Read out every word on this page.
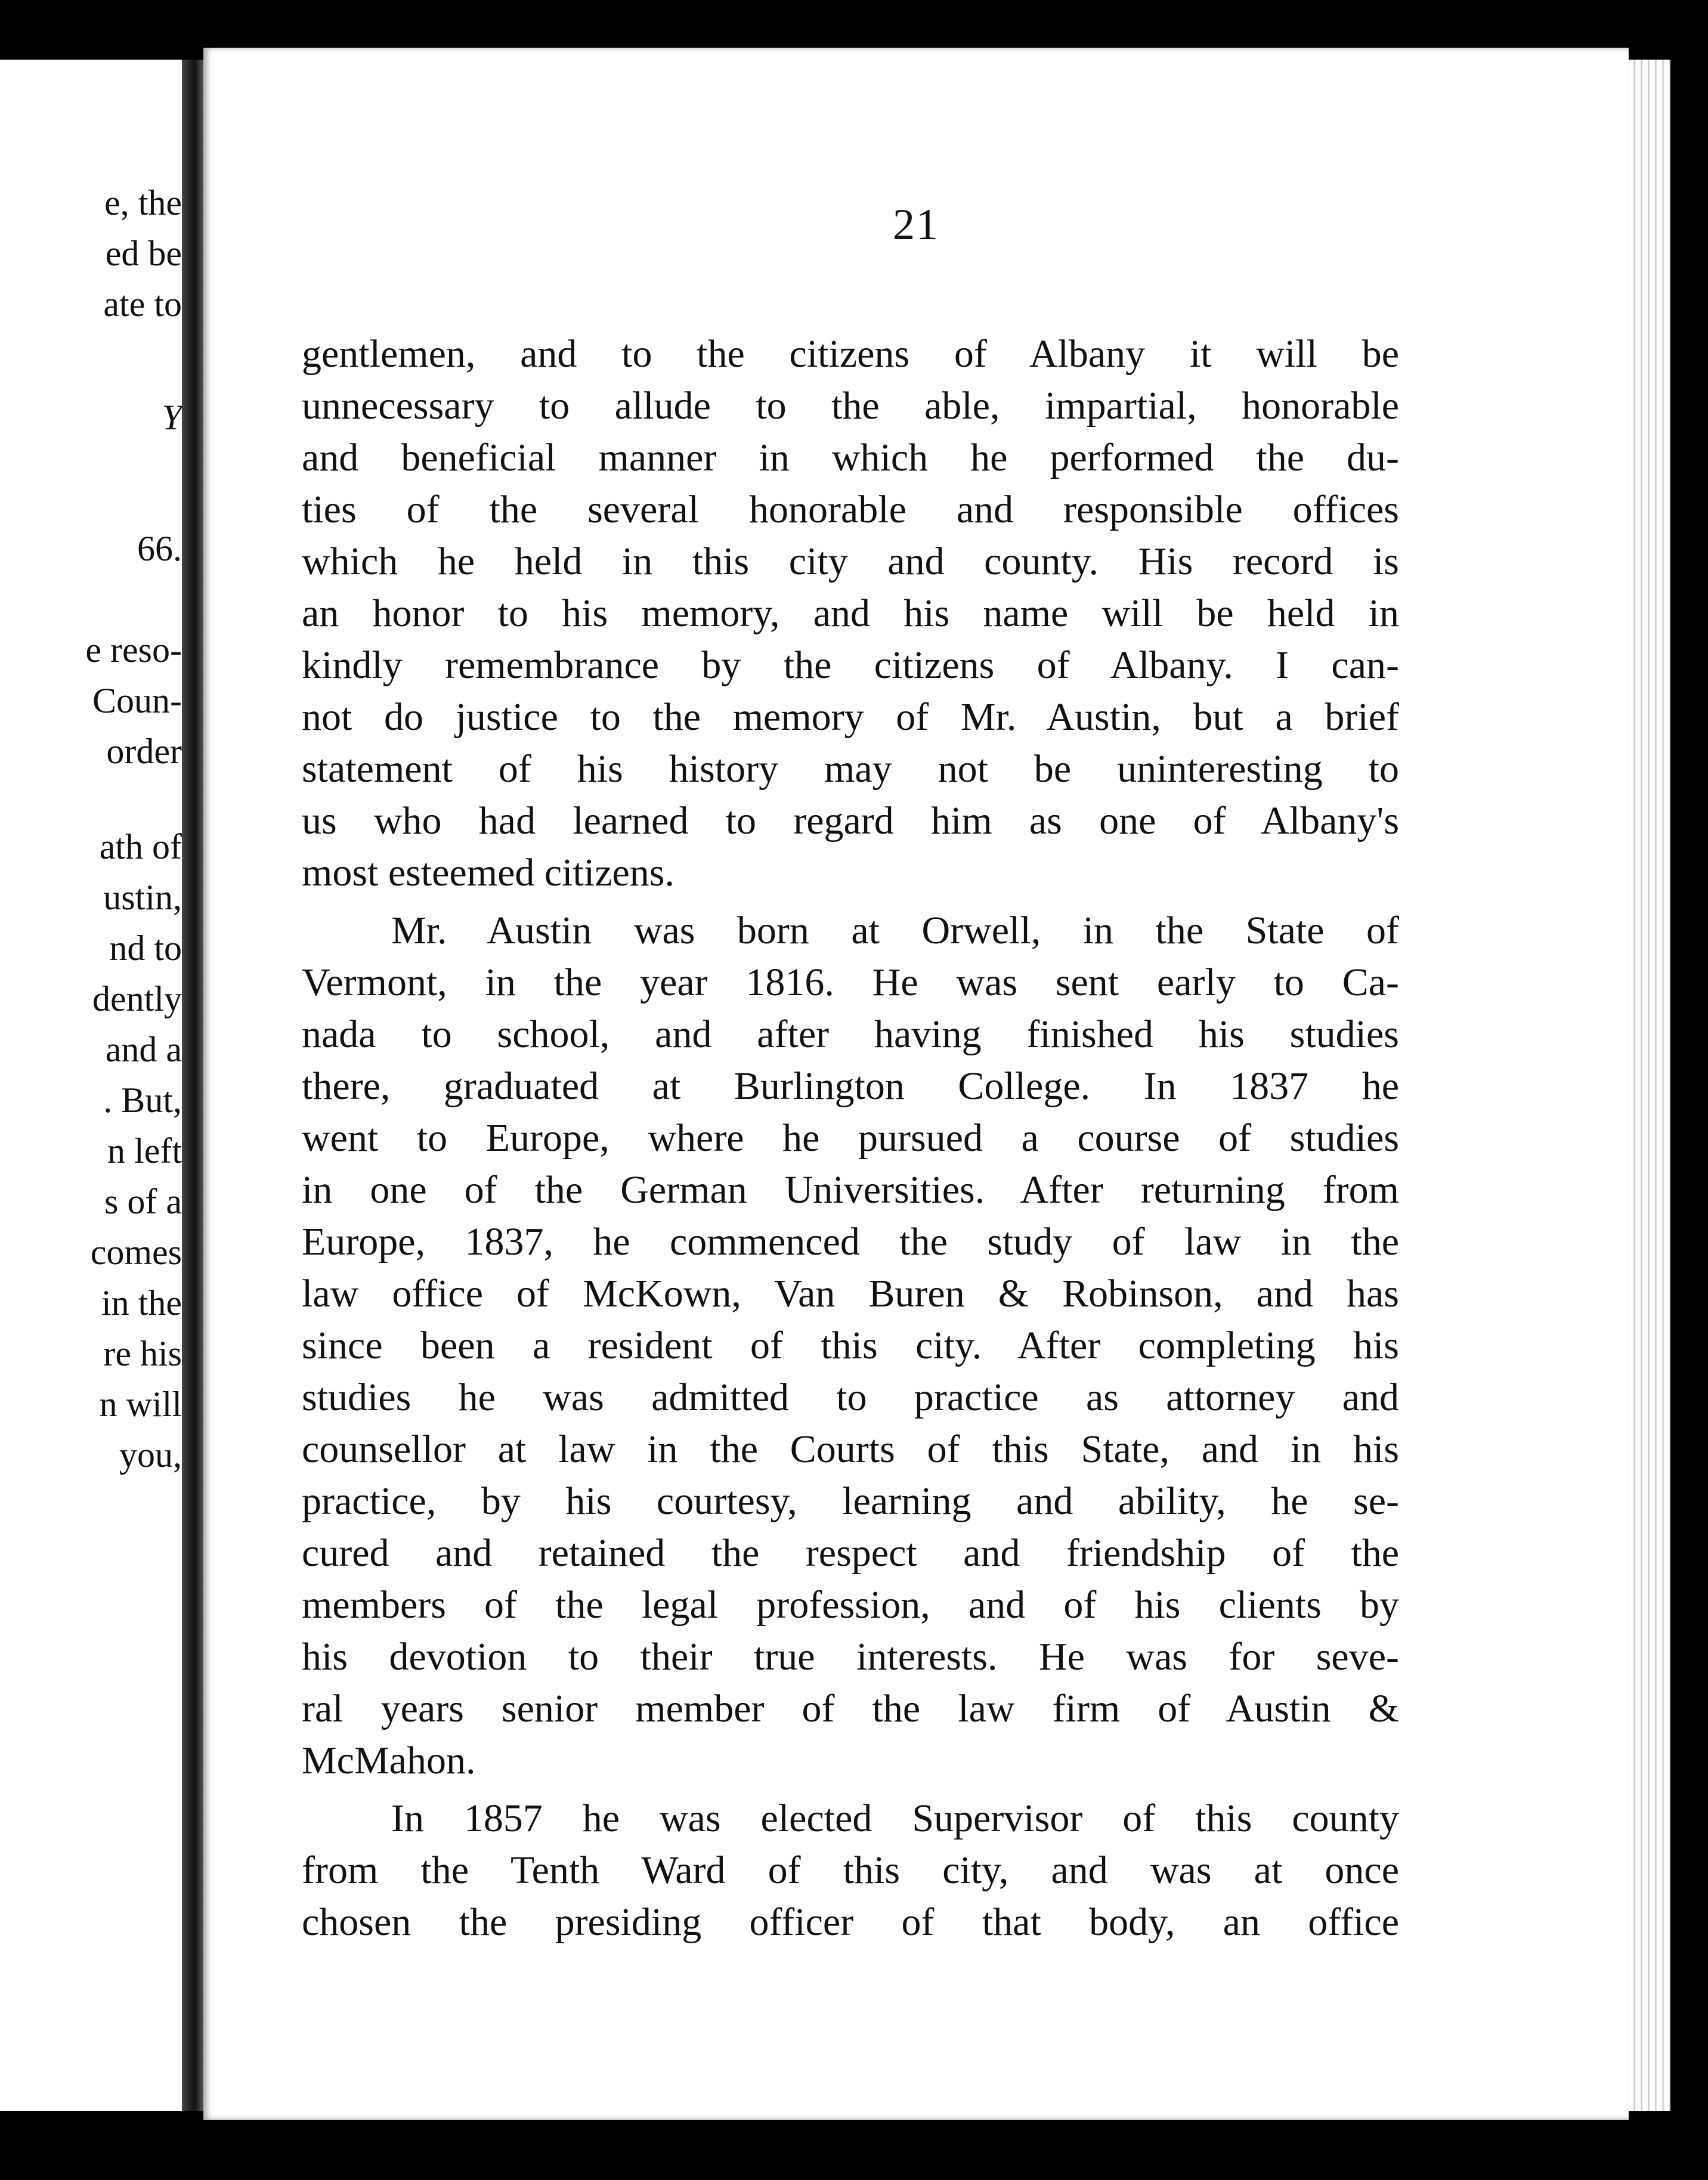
e, the
ed be
ate to
Y
66.
e reso-
Coun-
order
ath of
ustin,
nd to
dently
and a
. But,
n left
s of a
comes
in the
re his
n will
you,
21
gentlemen, and to the citizens of Albany it will be
unnecessary to allude to the able, impartial, honorable
and beneficial manner in which he performed the du-
ties of the several honorable and responsible offices
which he held in this city and county. His record is
an honor to his memory, and his name will be held in
kindly remembrance by the citizens of Albany. I can-
not do justice to the memory of Mr. Austin, but a brief
statement of his history may not be uninteresting to
us who had learned to regard him as one of Albany's
most esteemed citizens.
Mr. Austin was born at Orwell, in the State of
Vermont, in the year 1816. He was sent early to Ca-
nada to school, and after having finished his studies
there, graduated at Burlington College. In 1837 he
went to Europe, where he pursued a course of studies
in one of the German Universities. After returning from
Europe, 1837, he commenced the study of law in the
law office of McKown, Van Buren & Robinson, and has
since been a resident of this city. After completing his
studies he was admitted to practice as attorney and
counsellor at law in the Courts of this State, and in his
practice, by his courtesy, learning and ability, he se-
cured and retained the respect and friendship of the
members of the legal profession, and of his clients by
his devotion to their true interests. He was for seve-
ral years senior member of the law firm of Austin &
McMahon.
In 1857 he was elected Supervisor of this county
from the Tenth Ward of this city, and was at once
chosen the presiding officer of that body, an office
